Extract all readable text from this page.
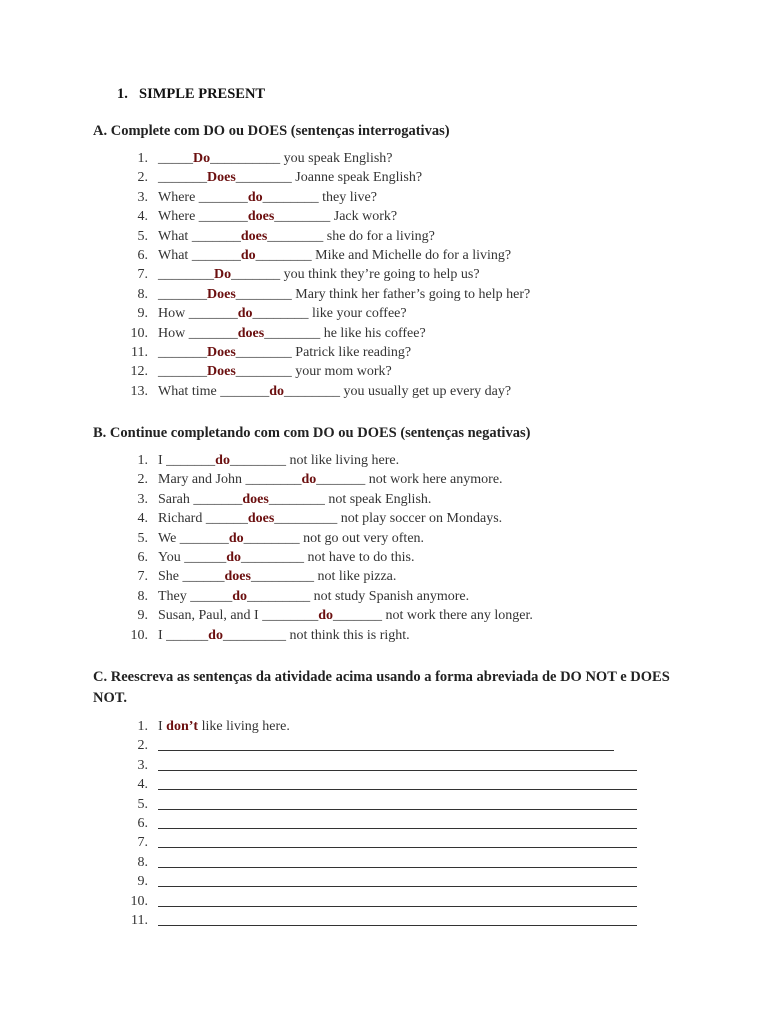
1. SIMPLE PRESENT
A. Complete com DO ou DOES (sentenças interrogativas)
1. _____Do__________ you speak English?
2. _______Does________ Joanne speak English?
3. Where _______do________ they live?
4. Where _______does________ Jack work?
5. What _______does________ she do for a living?
6. What _______do________ Mike and Michelle do for a living?
7. ________Do_______ you think they’re going to help us?
8. _______Does________ Mary think her father’s going to help her?
9. How _______do________ like your coffee?
10. How _______does________ he like his coffee?
11. _______Does________ Patrick like reading?
12. _______Does________ your mom work?
13. What time _______do________ you usually get up every day?
B. Continue completando com com DO ou DOES (sentenças negativas)
1. I _______do________ not like living here.
2. Mary and John ________do_______ not work here anymore.
3. Sarah _______does________ not speak English.
4. Richard ______does_________ not play soccer on Mondays.
5. We _______do________ not go out very often.
6. You ______do_________ not have to do this.
7. She ______does_________ not like pizza.
8. They ______do_________ not study Spanish anymore.
9. Susan, Paul, and I ________do_______ not work there any longer.
10. I ______do_________ not think this is right.
C. Reescreva as sentenças da atividade acima usando a forma abreviada de DO NOT e DOES NOT.
1. I don’t like living here.
2.
3.
4.
5.
6.
7.
8.
9.
10.
11.
